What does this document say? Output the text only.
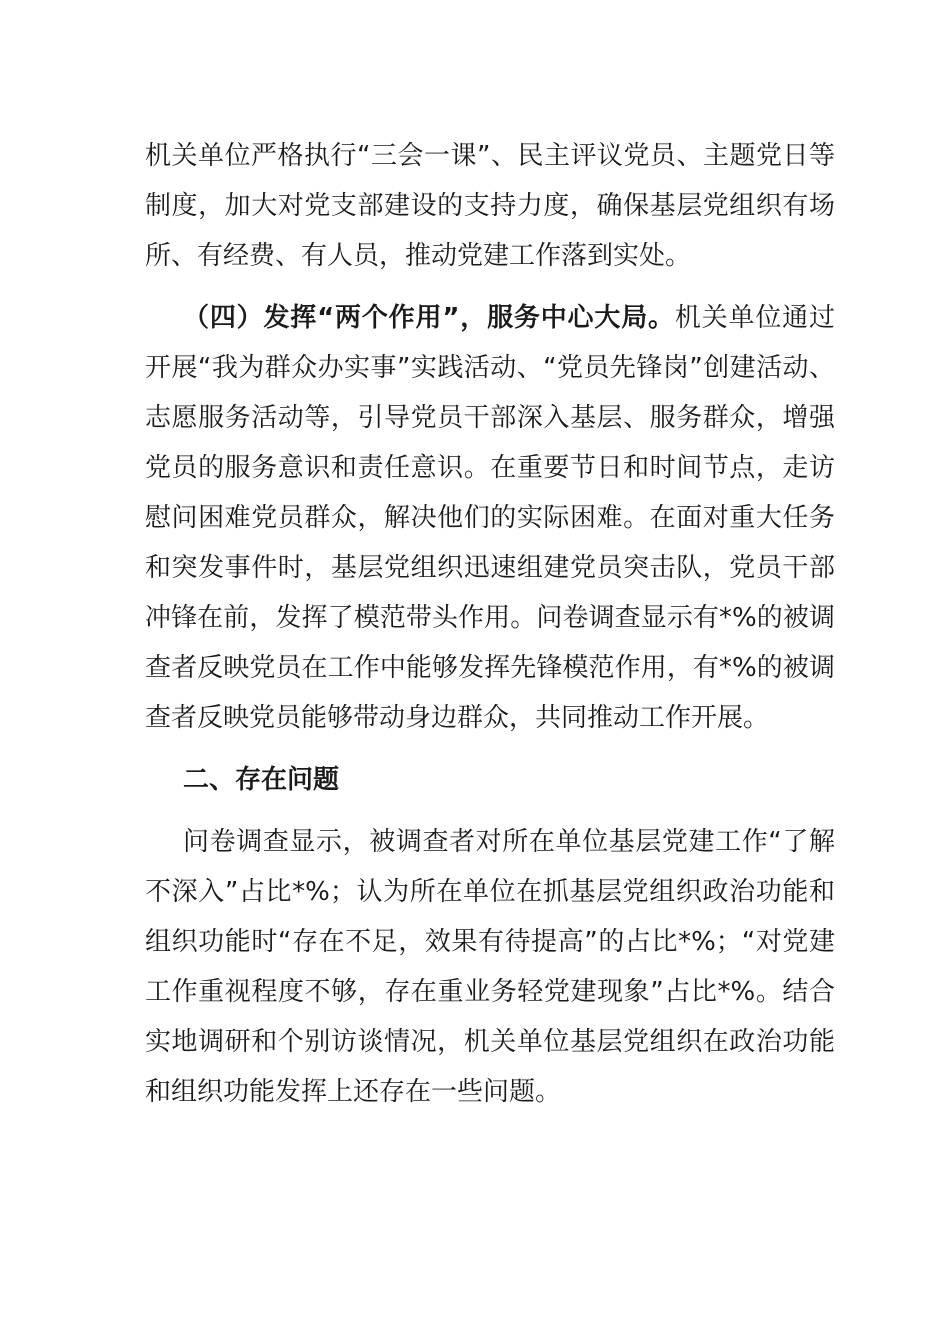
机关单位严格执行“三会一课”、民主评议党员、主题党日等制度，加大对党支部建设的支持力度，确保基层党组织有场所、有经费、有人员，推动党建工作落到实处。

（四）发挥“两个作用”，服务中心大局。机关单位通过开展“我为群众办实事”实践活动、“党员先锋岗”创建活动、志愿服务活动等，引导党员干部深入基层、服务群众，增强党员的服务意识和责任意识。在重要节日和时间节点，走访慰问困难党员群众，解决他们的实际困难。在面对重大任务和突发事件时，基层党组织迅速组建党员突击队，党员干部冲锋在前，发挥了模范带头作用。问卷调查显示有*%的被调查者反映党员在工作中能够发挥先锋模范作用，有*%的被调查者反映党员能够带动身边群众，共同推动工作开展。

二、存在问题

问卷调查显示，被调查者对所在单位基层党建工作“了解不深入”占比*%；认为所在单位在抓基层党组织政治功能和组织功能时“存在不足，效果有待提高”的占比*%；“对党建工作重视程度不够，存在重业务轻党建现象”占比*%。结合实地调研和个别访谈情况，机关单位基层党组织在政治功能和组织功能发挥上还存在一些问题。
